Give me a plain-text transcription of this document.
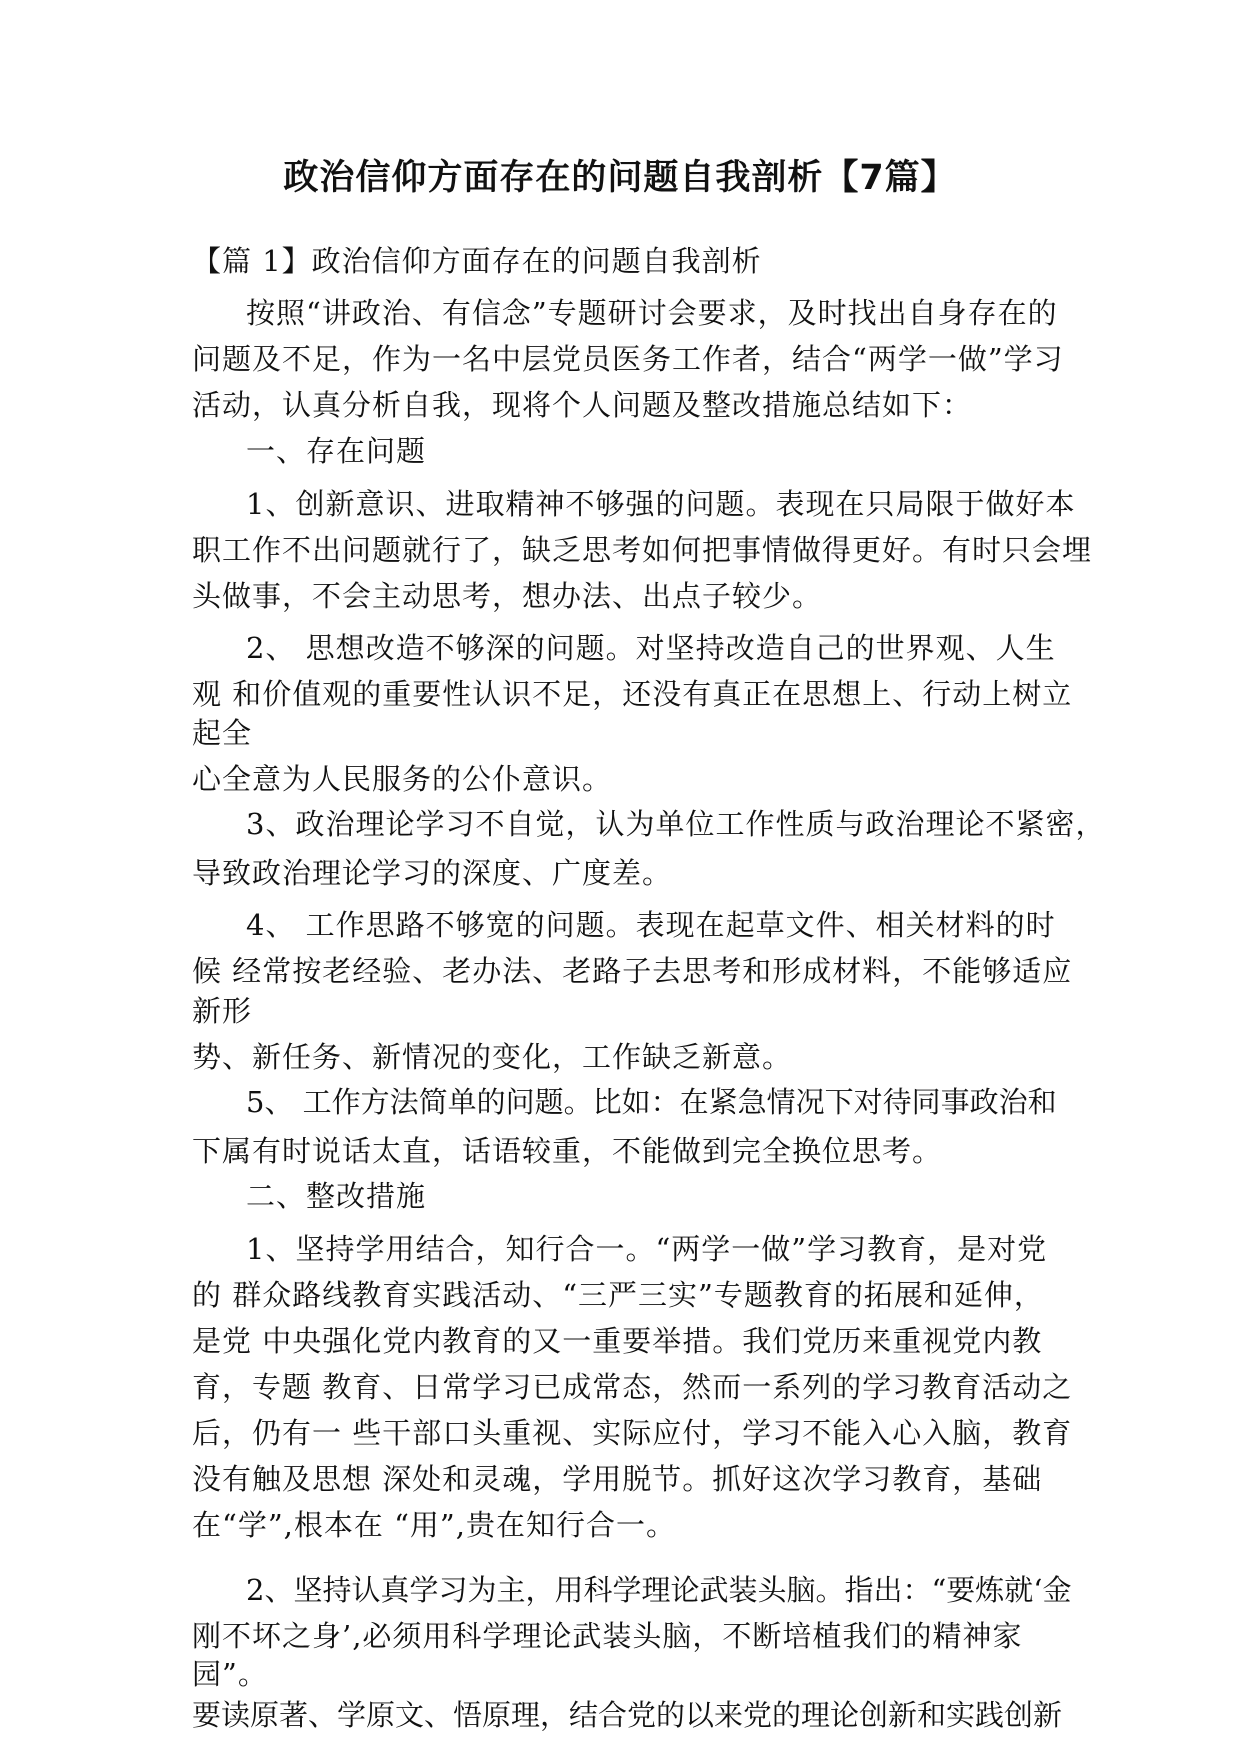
政治信仰方面存在的问题自我剖析【7篇】
【篇 1】政治信仰方面存在的问题自我剖析
按照“讲政治、有信念”专题研讨会要求，及时找出自身存在的
问题及不足，作为一名中层党员医务工作者，结合“两学一做”学习
活动，认真分析自我，现将个人问题及整改措施总结如下：
一、存在问题
1、创新意识、进取精神不够强的问题。表现在只局限于做好本
职工作不出问题就行了，缺乏思考如何把事情做得更好。有时只会埋
头做事，不会主动思考，想办法、出点子较少。
2、 思想改造不够深的问题。对坚持改造自己的世界观、人生
观 和价值观的重要性认识不足，还没有真正在思想上、行动上树立
起全
心全意为人民服务的公仆意识。
3、政治理论学习不自觉，认为单位工作性质与政治理论不紧密，
导致政治理论学习的深度、广度差。
4、 工作思路不够宽的问题。表现在起草文件、相关材料的时
候 经常按老经验、老办法、老路子去思考和形成材料，不能够适应
新形
势、新任务、新情况的变化，工作缺乏新意。
5、 工作方法简单的问题。比如：在紧急情况下对待同事政治和
下属有时说话太直，话语较重，不能做到完全换位思考。
二、整改措施
1、坚持学用结合，知行合一。“两学一做”学习教育，是对党
的 群众路线教育实践活动、“三严三实”专题教育的拓展和延伸，
是党 中央强化党内教育的又一重要举措。我们党历来重视党内教
育，专题 教育、日常学习已成常态，然而一系列的学习教育活动之
后，仍有一 些干部口头重视、实际应付，学习不能入心入脑，教育
没有触及思想 深处和灵魂，学用脱节。抓好这次学习教育，基础
在“学”,根本在 “用”,贵在知行合一。
2、坚持认真学习为主，用科学理论武装头脑。指出：“要炼就‘金
刚不坏之身’,必须用科学理论武装头脑，不断培植我们的精神家
园”。
要读原著、学原文、悟原理，结合党的以来党的理论创新和实践创新
